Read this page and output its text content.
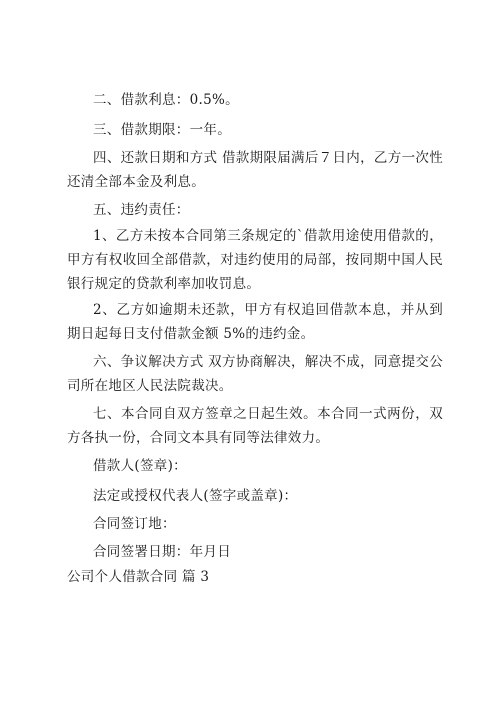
二、借款利息：0.5%。

三、借款期限：一年。

四、还款日期和方式 借款期限届满后７日内，乙方一次性还清全部本金及利息。

五、违约责任：

1、乙方未按本合同第三条规定的`借款用途使用借款的，甲方有权收回全部借款，对违约使用的局部，按同期中国人民银行规定的贷款利率加收罚息。

2、乙方如逾期未还款，甲方有权追回借款本息，并从到期日起每日支付借款金额 5%的违约金。

六、争议解决方式 双方协商解决，解决不成，同意提交公司所在地区人民法院裁决。

七、本合同自双方签章之日起生效。本合同一式两份，双方各执一份，合同文本具有同等法律效力。

借款人(签章)：

法定或授权代表人(签字或盖章)：

合同签订地：

合同签署日期：年月日

公司个人借款合同 篇 3
